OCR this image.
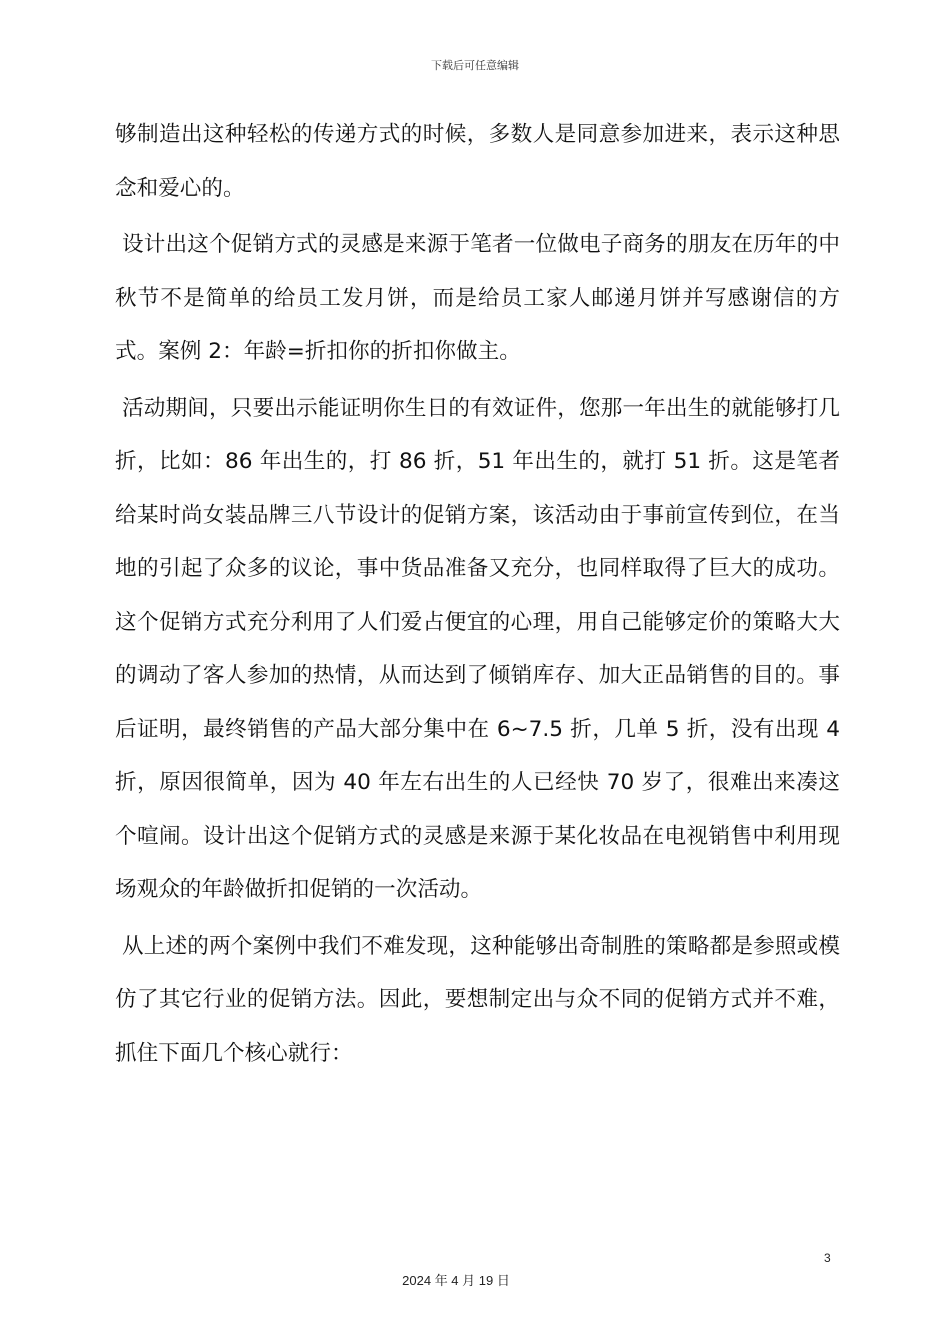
下载后可任意编辑

够制造出这种轻松的传递方式的时候，多数人是同意参加进来，表示这种思念和爱心的。

设计出这个促销方式的灵感是来源于笔者一位做电子商务的朋友在历年的中秋节不是简单的给员工发月饼，而是给员工家人邮递月饼并写感谢信的方式。案例 2：年龄=折扣你的折扣你做主。

活动期间，只要出示能证明你生日的有效证件，您那一年出生的就能够打几折，比如：86 年出生的，打 86 折，51 年出生的，就打 51 折。这是笔者给某时尚女装品牌三八节设计的促销方案，该活动由于事前宣传到位，在当地的引起了众多的议论，事中货品准备又充分，也同样取得了巨大的成功。这个促销方式充分利用了人们爱占便宜的心理，用自己能够定价的策略大大的调动了客人参加的热情，从而达到了倾销库存、加大正品销售的目的。事后证明，最终销售的产品大部分集中在 6~7.5 折，几单 5 折，没有出现 4 折，原因很简单，因为 40 年左右出生的人已经快 70 岁了，很难出来凑这个喧闹。设计出这个促销方式的灵感是来源于某化妆品在电视销售中利用现场观众的年龄做折扣促销的一次活动。

从上述的两个案例中我们不难发现，这种能够出奇制胜的策略都是参照或模仿了其它行业的促销方法。因此，要想制定出与众不同的促销方式并不难，抓住下面几个核心就行：

3
2024 年 4 月 19 日
